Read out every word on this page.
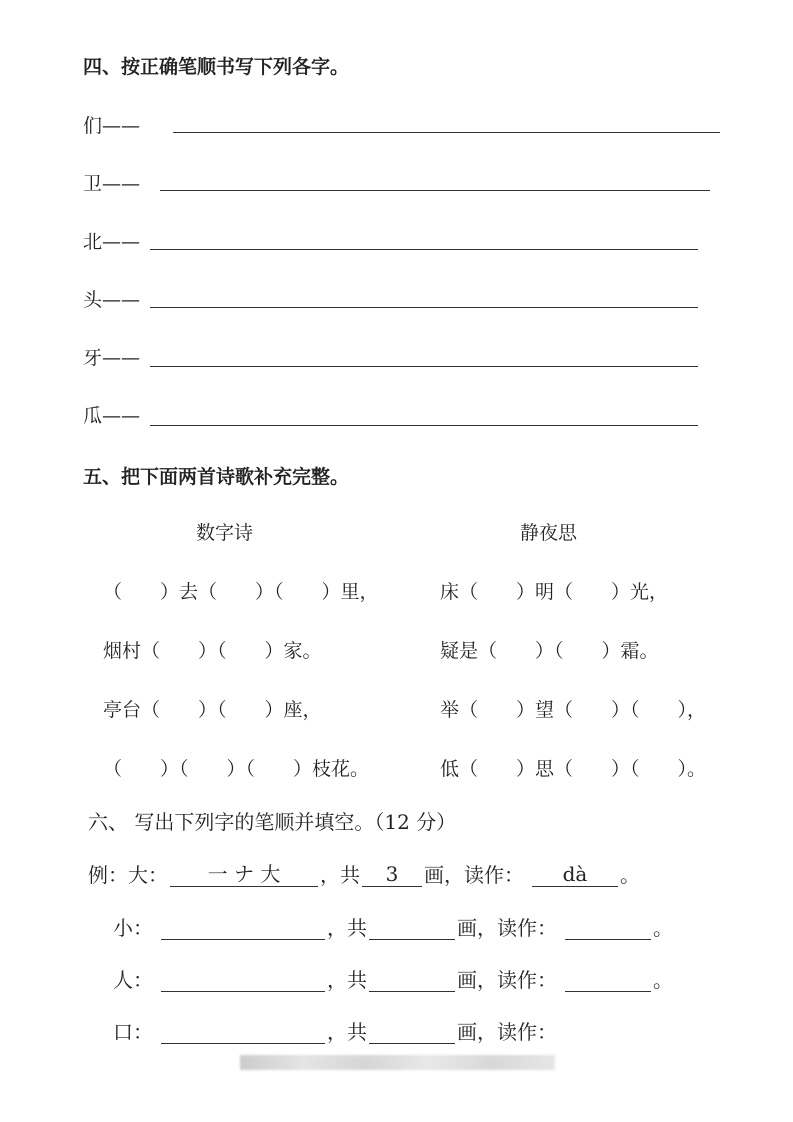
四、按正确笔顺书写下列各字。
们——
卫——
北——
头——
牙——
瓜——
五、把下面两首诗歌补充完整。
数字诗	静夜思
（　　）去（　　）（　　）里，
烟村（　　）（　　）家。
亭台（　　）（　　）座，
（　　）（　　）（　　）枝花。
床（　　）明（　　）光，
疑是（　　）（　　）霜。
举（　　）望（　　）（　　），
低（　　）思（　　）（　　）。
六、 写出下列字的笔顺并填空。（12 分）
例：大：	一 ナ 大	，共	3	画，读作：	dà	。
小：	，共	画，读作：	。
人：	，共	画，读作：	。
口：	，共	画，读作：
